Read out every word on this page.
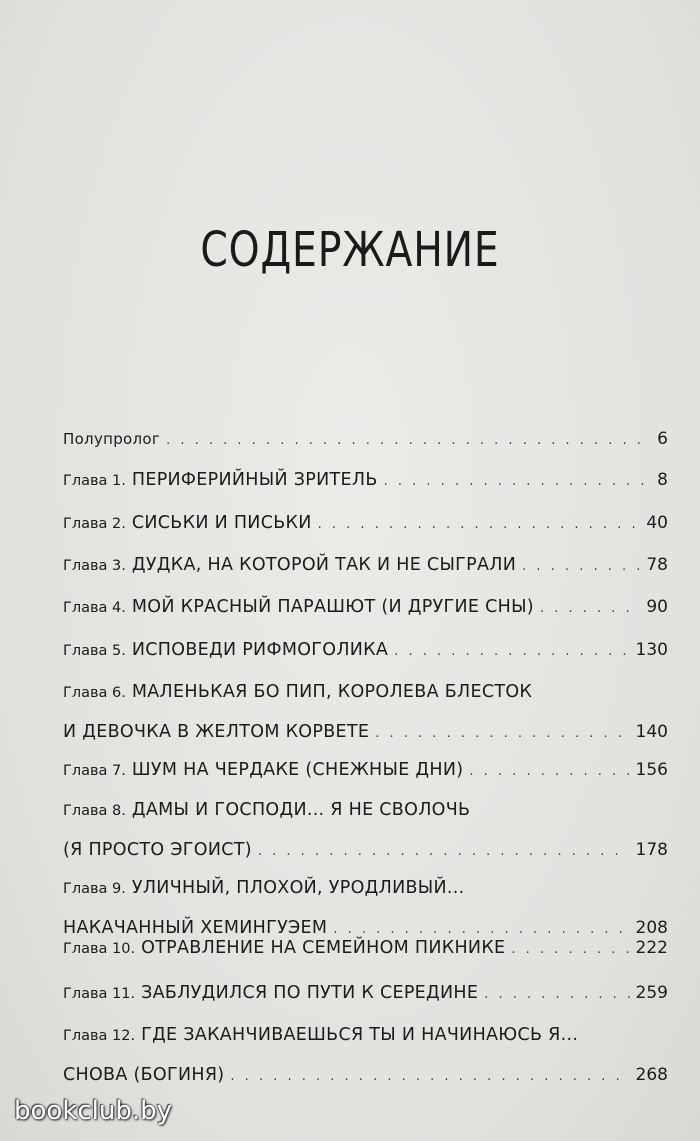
СОДЕРЖАНИЕ
Полупролог . . .	6
Глава 1. ПЕРИФЕРИЙНЫЙ ЗРИТЕЛЬ . . .	8
Глава 2. СИСЬКИ И ПИСЬКИ . . .	40
Глава 3. ДУДКА, НА КОТОРОЙ ТАК И НЕ СЫГРАЛИ . . .	78
Глава 4. МОЙ КРАСНЫЙ ПАРАШЮТ (И ДРУГИЕ СНЫ) . . .	90
Глава 5. ИСПОВЕДИ РИФМОГОЛИКА . . .	130
Глава 6. МАЛЕНЬКАЯ БО ПИП, КОРОЛЕВА БЛЕСТОК
И ДЕВОЧКА В ЖЕЛТОМ КОРВЕТЕ . . .	140
Глава 7. ШУМ НА ЧЕРДАКЕ (СНЕЖНЫЕ ДНИ) . . .	156
Глава 8. ДАМЫ И ГОСПОДИ... Я НЕ СВОЛОЧЬ
(Я ПРОСТО ЭГОИСТ) . . .	178
Глава 9. УЛИЧНЫЙ, ПЛОХОЙ, УРОДЛИВЫЙ...
НАКАЧАННЫЙ ХЕМИНГУЭЕМ . . .	208
Глава 10. ОТРАВЛЕНИЕ НА СЕМЕЙНОМ ПИКНИКЕ . . .	222
Глава 11. ЗАБЛУДИЛСЯ ПО ПУТИ К СЕРЕДИНЕ . . .	259
Глава 12. ГДЕ ЗАКАНЧИВАЕШЬСЯ ТЫ И НАЧИНАЮСЬ Я...
СНОВА (БОГИНЯ) . . .	268
bookclub.by
